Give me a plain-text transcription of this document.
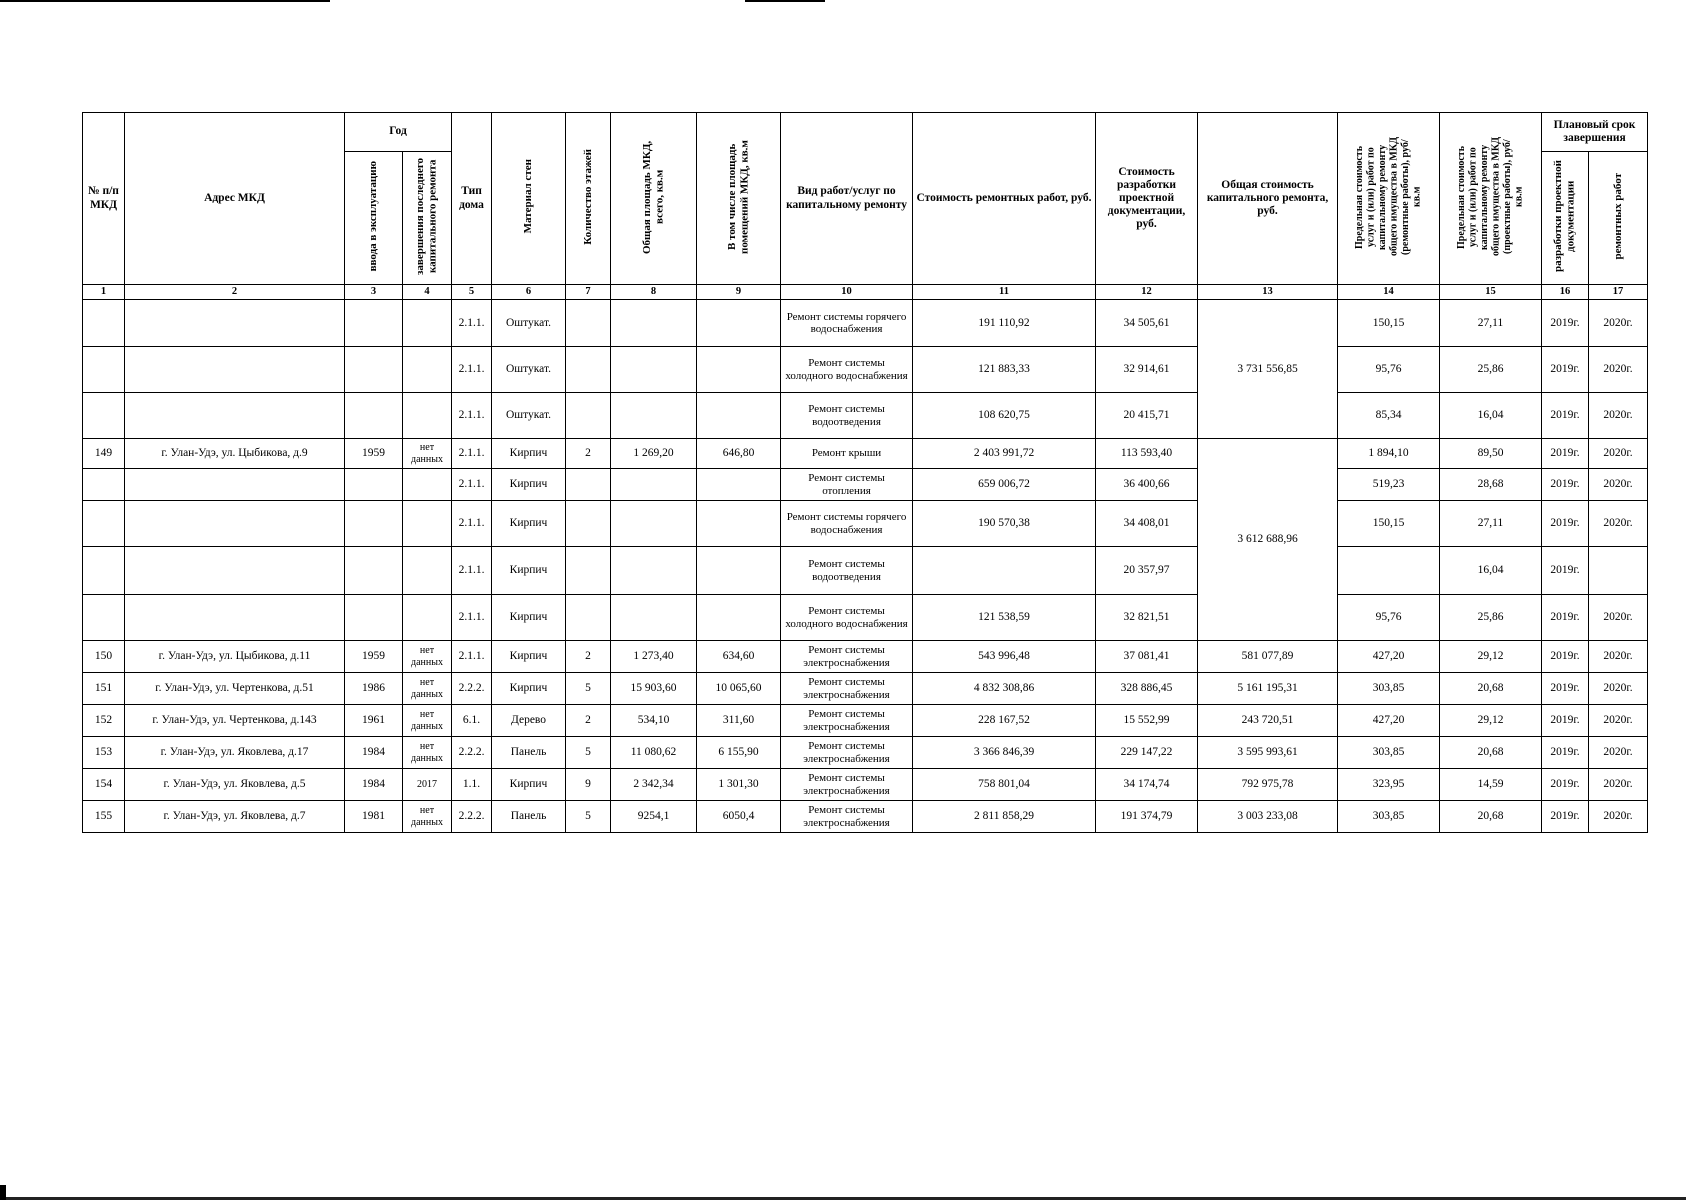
№ п/п МКД	Адрес МКД	Год		Тип дома	Материал стен	Количество этажей	Общая площадь МКД, всего, кв.м	В том числе площадь помещений МКД, кв.м	Вид работ/услуг по капитальному ремонту	Стоимость ремонтных работ, руб.	Стоимость разработки проектной документации, руб.	Общая стоимость капитального ремонта, руб.	Предельная стоимость услуг и (или) работ по капитальному ремонту общего имущества в МКД (ремонтные работы), руб/кв.м	Предельная стоимость услуг и (или) работ по капитальному ремонту общего имущества в МКД (проектные работы), руб/кв.м	Плановый срок завершения	
		ввода в эксплуатацию	завершения последнего капитального ремонта												разработки проектной документации	ремонтных работ
1	2	3	4	5	6	7	8	9	10	11	12	13	14	15	16	17
				2.1.1.	Оштукат.				Ремонт системы горячего водоснабжения	191 110,92	34 505,61	3 731 556,85	150,15	27,11	2019г.	2020г.
				2.1.1.	Оштукат.				Ремонт системы холодного водоснабжения	121 883,33	32 914,61		95,76	25,86	2019г.	2020г.
				2.1.1.	Оштукат.				Ремонт системы водоотведения	108 620,75	20 415,71		85,34	16,04	2019г.	2020г.
149	г. Улан-Удэ, ул. Цыбикова, д.9	1959	нет данных	2.1.1.	Кирпич	2	1 269,20	646,80	Ремонт крыши	2 403 991,72	113 593,40	3 612 688,96	1 894,10	89,50	2019г.	2020г.
				2.1.1.	Кирпич				Ремонт системы отопления	659 006,72	36 400,66		519,23	28,68	2019г.	2020г.
				2.1.1.	Кирпич				Ремонт системы горячего водоснабжения	190 570,38	34 408,01		150,15	27,11	2019г.	2020г.
				2.1.1.	Кирпич				Ремонт системы водоотведения		20 357,97			16,04	2019г.	
				2.1.1.	Кирпич				Ремонт системы холодного водоснабжения	121 538,59	32 821,51		95,76	25,86	2019г.	2020г.
150	г. Улан-Удэ, ул. Цыбикова, д.11	1959	нет данных	2.1.1.	Кирпич	2	1 273,40	634,60	Ремонт системы электроснабжения	543 996,48	37 081,41	581 077,89	427,20	29,12	2019г.	2020г.
151	г. Улан-Удэ, ул. Чертенкова, д.51	1986	нет данных	2.2.2.	Кирпич	5	15 903,60	10 065,60	Ремонт системы электроснабжения	4 832 308,86	328 886,45	5 161 195,31	303,85	20,68	2019г.	2020г.
152	г. Улан-Удэ, ул. Чертенкова, д.143	1961	нет данных	6.1.	Дерево	2	534,10	311,60	Ремонт системы электроснабжения	228 167,52	15 552,99	243 720,51	427,20	29,12	2019г.	2020г.
153	г. Улан-Удэ, ул. Яковлева, д.17	1984	нет данных	2.2.2.	Панель	5	11 080,62	6 155,90	Ремонт системы электроснабжения	3 366 846,39	229 147,22	3 595 993,61	303,85	20,68	2019г.	2020г.
154	г. Улан-Удэ, ул. Яковлева, д.5	1984	2017	1.1.	Кирпич	9	2 342,34	1 301,30	Ремонт системы электроснабжения	758 801,04	34 174,74	792 975,78	323,95	14,59	2019г.	2020г.
155	г. Улан-Удэ, ул. Яковлева, д.7	1981	нет данных	2.2.2.	Панель	5	9254,1	6050,4	Ремонт системы электроснабжения	2 811 858,29	191 374,79	3 003 233,08	303,85	20,68	2019г.	2020г.
